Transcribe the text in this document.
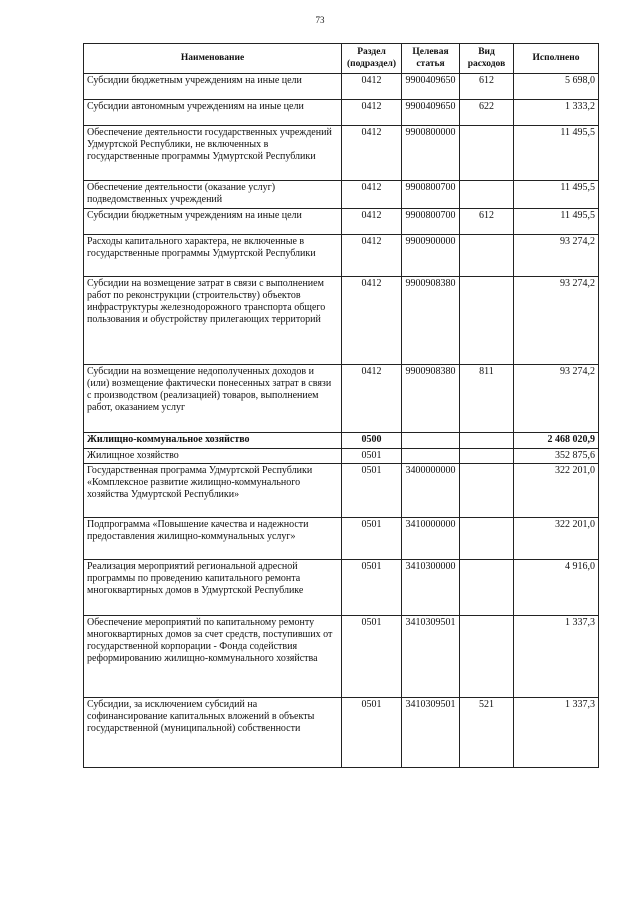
73
Наименование	Раздел (подраздел)	Целевая статья	Вид расходов	Исполнено
Субсидии бюджетным учреждениям на иные цели	0412	9900409650	612	5 698,0
Субсидии автономным учреждениям на иные цели	0412	9900409650	622	1 333,2
Обеспечение деятельности государственных учреждений Удмуртской Республики, не включенных в государственные программы Удмуртской Республики	0412	9900800000		11 495,5
Обеспечение деятельности (оказание услуг) подведомственных учреждений	0412	9900800700		11 495,5
Субсидии бюджетным учреждениям на иные цели	0412	9900800700	612	11 495,5
Расходы капитального характера, не включенные в государственные программы Удмуртской Республики	0412	9900900000		93 274,2
Субсидии на возмещение затрат в связи с выполнением работ по реконструкции (строительству) объектов инфраструктуры железнодорожного транспорта общего пользования и обустройству прилегающих территорий	0412	9900908380		93 274,2
Субсидии на возмещение недополученных доходов и (или) возмещение фактически понесенных затрат в связи с производством (реализацией) товаров, выполнением работ, оказанием услуг	0412	9900908380	811	93 274,2
Жилищно-коммунальное хозяйство	0500			2 468 020,9
Жилищное хозяйство	0501			352 875,6
Государственная программа Удмуртской Республики «Комплексное развитие жилищно-коммунального хозяйства Удмуртской Республики»	0501	3400000000		322 201,0
Подпрограмма «Повышение качества и надежности предоставления жилищно-коммунальных услуг»	0501	3410000000		322 201,0
Реализация мероприятий региональной адресной программы по проведению капитального ремонта многоквартирных домов в Удмуртской Республике	0501	3410300000		4 916,0
Обеспечение мероприятий по капитальному ремонту многоквартирных домов за счет средств, поступивших от государственной корпорации - Фонда содействия реформированию жилищно-коммунального хозяйства	0501	3410309501		1 337,3
Субсидии, за исключением субсидий на софинансирование капитальных вложений в объекты государственной (муниципальной) собственности	0501	3410309501	521	1 337,3
